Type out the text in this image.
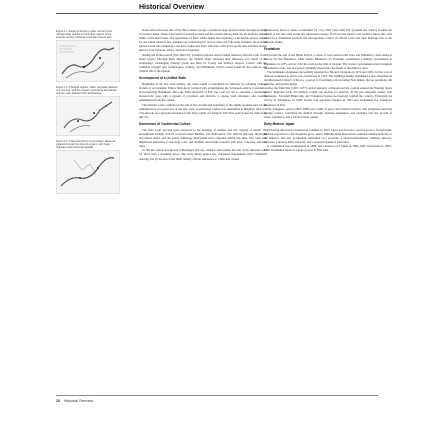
Historical Overview
Figure 1.1. Extent of territory under control of the Yamato state and the surrounding regions in the seventh century, showing provincial centers and
Figure 1.2. Principal regions, cities, and sites referred to in the text, with the modern prefectural boundaries and the main islands of the archipelago.
Figure 1.3. Provinces (kuni) of premodern Japan as organized under the ritsuryō system, with major highways and provincial capitals.

Some time before the end of the third century people constructed large mound tombs throughout much of western Japan. These were built for powerful rulers and the earliest among them are the keyhole-shaped tombs of the Nara basin. The appearance of these tombs marks the beginning of the Kofun period, named for the burial mounds that dominate its archaeological record. Over the following centuries the mounds spread across the archipelago and grew larger and more elaborate, with grave goods that included bronze mirrors, iron weapons, armor, and horse trappings.

During the Kofun period (250–600 CE), powerful regional elites formed alliances with the court in the Kinai region. Through these alliances, the Yamato kings extended their influence over much of the archipelago, exchanging prestige goods and titles for loyalty and military support. Contact with the continent brought new technologies, writing, and Buddhism, which would transform the political and cultural life of the islands.

Development of a Unified State

Beginning in the late sixth century, the court sought to strengthen its authority by adopting Chinese models of government. Prince Shōtoku is credited with promulgating the Seventeen-Article Constitution and promoting Buddhism. After the Taika Reforms of 645, the court set out to establish a centralized bureaucratic state with a system of provinces and districts, a census, land allotment, and taxation administered from the capital.

The ritsuryō codes compiled at the end of the seventh and beginning of the eighth centuries laid out the administrative and penal law of the new state. A permanent capital was established at Heijōkyō (Nara) in 710, laid out on a grid plan modeled on the Tang capital of Chang'an. The Nara period takes its name from this city.

Dominance of Continental Culture

The Nara court devoted great resources to the building of temples and the copying of sutras. The monumental Tōdaiji, with its colossal bronze Buddha, was dedicated in 752. Official histories, the Kojiki and Nihon shoki, and the poetry anthology Man'yōshū were compiled during this time. The court also dispatched embassies to the Tang court, and students and monks returned with texts, artworks, and new ideas.

In 794 the capital was moved to Heiankyō (Kyoto), which would remain the seat of the imperial court for more than a thousand years. The early Heian period saw continued engagement with continental learning, but by the end of the ninth century official embassies to China had ceased.

(present-day Kyoto), where it remained for over 1000 years until Edo (present-day Tokyo) became the capital of the new state in the late nineteenth century. From the late ninth to the twelfth century the court aristocracy dominated political life through their control of official posts and their marriage ties to the imperial family.

Feudalism

Towards the end of the Heian Period, a series of wars between the Taira and Minamoto clans ended in victory for the Minamoto. Their leader, Minamoto no Yoritomo, established a military government in Kamakura in 1185, and in 1192 he received the title of shogun. The warrior government ruled alongside the imperial court, and real power gradually passed into the hands of the military class.

The Kamakura shogunate successfully repelled two Mongol invasions in 1274 and 1281, but the cost of defense weakened it, and it was overthrown in 1333. The Ashikaga family established a new shogunate in the Muromachi district of Kyoto, a period of flourishing arts including Noh drama, the tea ceremony, ink painting, and garden design.

After the Ōnin War (1467–1477) central authority collapsed and the country entered the Warring States period. Regional lords, the daimyō, fought one another for territory. In the late sixteenth century Oda Nobunaga, Toyotomi Hideyoshi, and Tokugawa Ieyasu successively unified the country. Following his victory at Sekigahara in 1600, Ieyasu was appointed shogun in 1603 and established the Tokugawa shogunate in Edo.

The Tokugawa period (1603–1868) was a time of peace and relative isolation. The shogunate restricted foreign contact, controlled the daimyō through alternate attendance, and presided over the growth of cities, commerce, and a vibrant urban culture.

Early Modern Japan

Following the arrival of American warships in 1853, Japan was forced to open its ports to foreign trade. Internal opposition to the shogunate grew, and in 1868 the Meiji Restoration returned nominal authority to the emperor. The new government embarked on a program of rapid modernization, building railways, factories, a modern army and navy, and a national system of education.

A constitution was promulgated in 1889, and victories over China in 1894–1895 and Russia in 1904–1905 established Japan as a major power in East Asia.

10 Historical Overview
